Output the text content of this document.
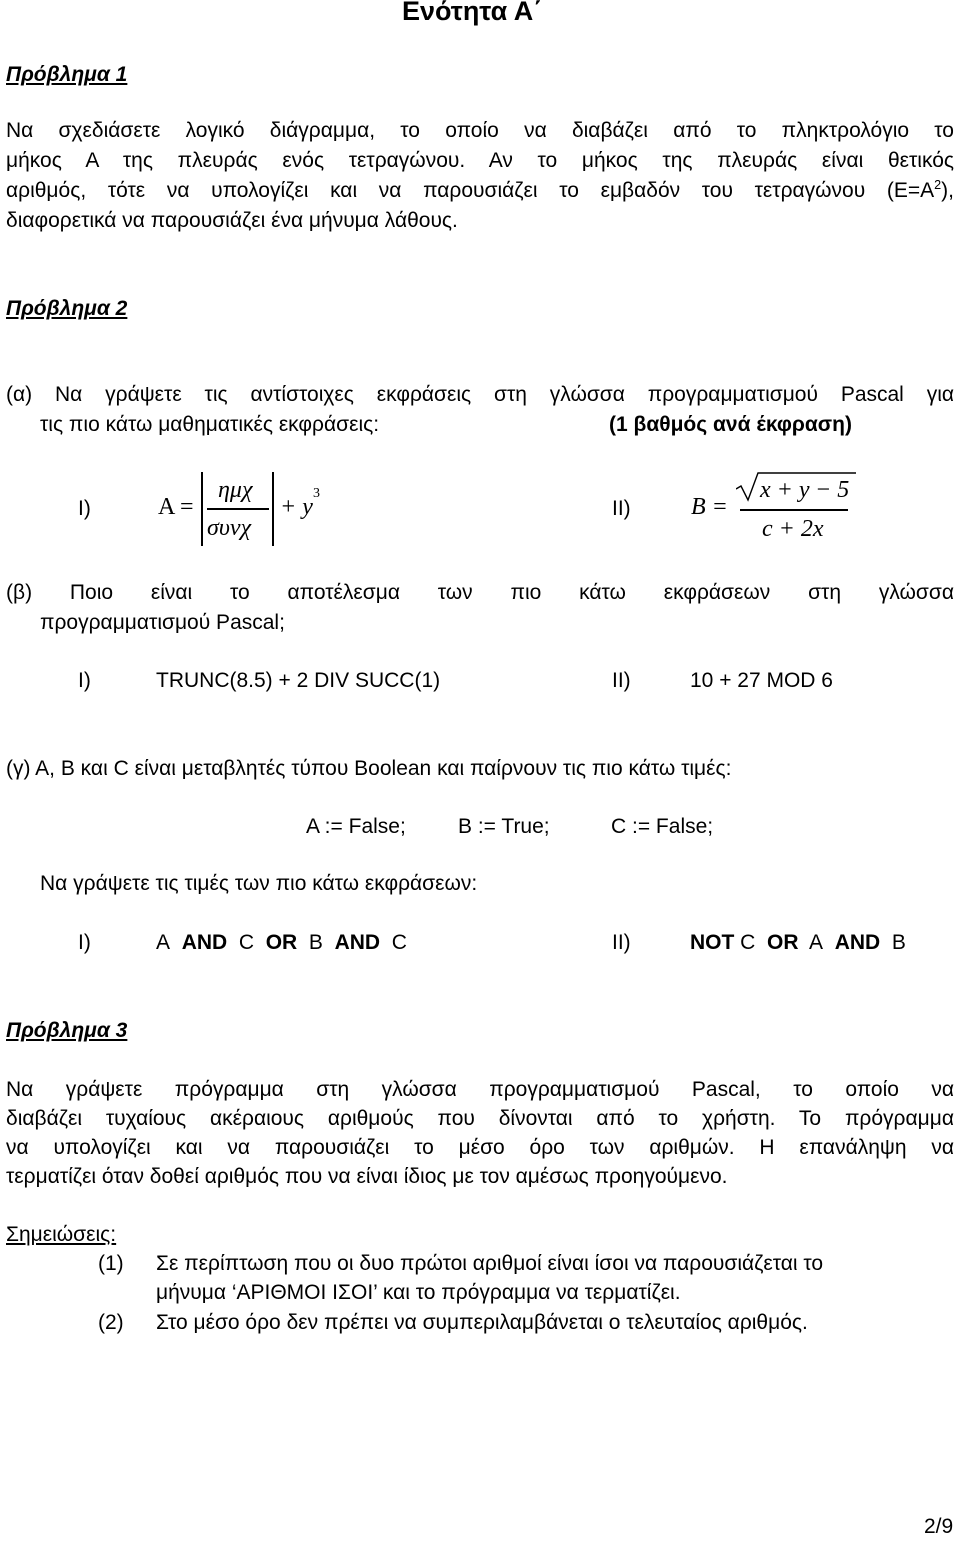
Ενότητα Α΄
Πρόβλημα 1
Να σχεδιάσετε λογικό διάγραμμα, το οποίο να διαβάζει από το πληκτρολόγιο το
μήκος Α της πλευράς ενός τετραγώνου. Αν το μήκος της πλευράς είναι θετικός
αριθμός, τότε να υπολογίζει και να παρουσιάζει το εμβαδόν του τετραγώνου $(E=A^2)$,
διαφορετικά να παρουσιάζει ένα μήνυμα λάθους.
Πρόβλημα 2
(α) Να γράψετε τις αντίστοιχες εκφράσεις στη γλώσσα προγραμματισμού Pascal για
τις πιο κάτω μαθηματικές εκφράσεις:	(1 βαθμός ανά έκφραση)
I)	Α =
ημχ
συνχ
+ y
3
II)	B =
x + y − 5
c + 2x
(β) Ποιο είναι το αποτέλεσμα των πιο κάτω εκφράσεων στη γλώσσα
προγραμματισμού Pascal;
I)	TRUNC(8.5) + 2 DIV SUCC(1)	II)	10 + 27 MOD 6
(γ) Α, Β και C είναι μεταβλητές τύπου Boolean και παίρνουν τις πιο κάτω τιμές:
A := False; B := True;	C := False;
Να γράψετε τις τιμές των πιο κάτω εκφράσεων:
I)	A AND C OR B AND C	II)	NOT C OR A AND B
Πρόβλημα 3
Να γράψετε πρόγραμμα στη γλώσσα προγραμματισμού Pascal, το οποίο να
διαβάζει τυχαίους ακέραιους αριθμούς που δίνονται από το χρήστη. Το πρόγραμμα
να υπολογίζει και να παρουσιάζει το μέσο όρο των αριθμών. Η επανάληψη να
τερματίζει όταν δοθεί αριθμός που να είναι ίδιος με τον αμέσως προηγούμενο.
Σημειώσεις:
(1) Σε περίπτωση που οι δυο πρώτοι αριθμοί είναι ίσοι να παρουσιάζεται το
μήνυμα ‘ΑΡΙΘΜΟΙ ΙΣΟΙ’ και το πρόγραμμα να τερματίζει.
(2) Στο μέσο όρο δεν πρέπει να συμπεριλαμβάνεται ο τελευταίος αριθμός.
2/9
